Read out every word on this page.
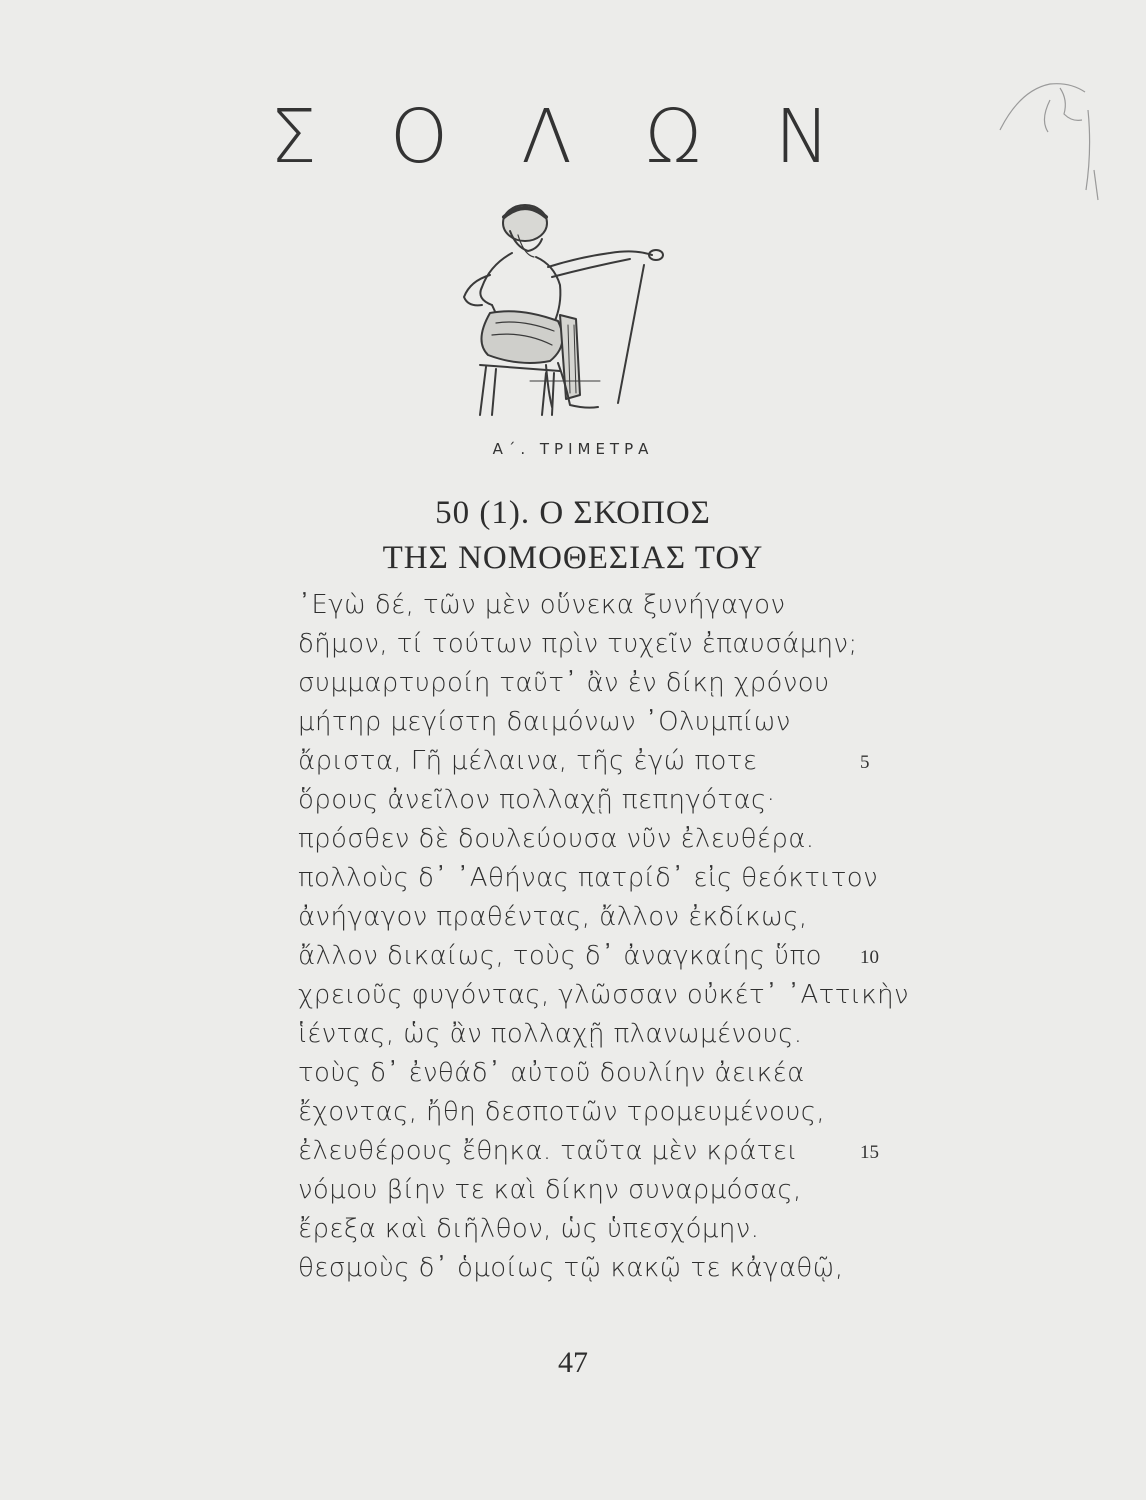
Σ Ο Λ Ω Ν
Α΄. ΤΡΙΜΕΤΡΑ
50 (1). Ο ΣΚΟΠΟΣ
ΤΗΣ ΝΟΜΟΘΕΣΙΑΣ ΤΟΥ
᾿Εγὼ δέ, τῶν μὲν οὕνεκα ξυνήγαγον
δῆμον, τί τούτων πρὶν τυχεῖν ἐπαυσάμην;
συμμαρτυροίη ταῦτ᾿ ἂν ἐν δίκῃ χρόνου
μήτηρ μεγίστη δαιμόνων ᾿Ολυμπίων
ἄριστα, Γῆ μέλαινα, τῆς ἐγώ ποτε	5
ὅρους ἀνεῖλον πολλαχῇ πεπηγότας·
πρόσθεν δὲ δουλεύουσα νῦν ἐλευθέρα.
πολλοὺς δ᾿ ᾿Αθήνας πατρίδ᾿ εἰς θεόκτιτον
ἀνήγαγον πραθέντας, ἄλλον ἐκδίκως,
ἄλλον δικαίως, τοὺς δ᾿ ἀναγκαίης ὕπο 10
χρειοῦς φυγόντας, γλῶσσαν οὐκέτ᾿ ᾿Αττικὴν
ἱέντας, ὡς ἂν πολλαχῇ πλανωμένους.
τοὺς δ᾿ ἐνθάδ᾿ αὐτοῦ δουλίην ἀεικέα
ἔχοντας, ἤθη δεσποτῶν τρομευμένους,
ἐλευθέρους ἔθηκα. ταῦτα μὲν κράτει	15
νόμου βίην τε καὶ δίκην συναρμόσας,
ἔρεξα καὶ διῆλθον, ὡς ὑπεσχόμην.
θεσμοὺς δ᾿ ὁμοίως τῷ κακῷ τε κἀγαθῷ,
47
